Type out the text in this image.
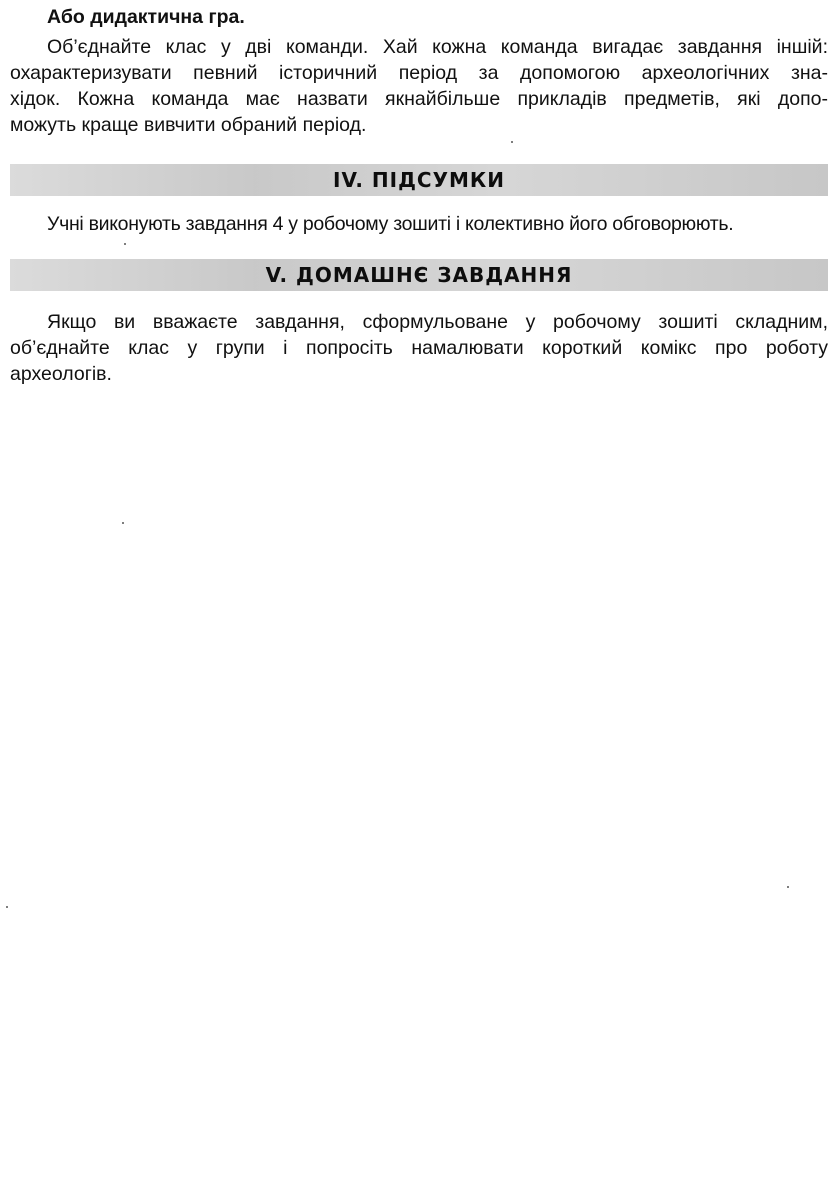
Або дидактична гра.
Об’єднайте клас у дві команди. Хай кожна команда вигадає завдання іншій:
охарактеризувати певний історичний період за допомогою археологічних зна-
хідок. Кожна команда має назвати якнайбільше прикладів предметів, які допо-
можуть краще вивчити обраний період.
IV. ПІДСУМКИ
Учні виконують завдання 4 у робочому зошиті і колективно його обговорюють.
V. ДОМАШНЄ ЗАВДАННЯ
Якщо ви вважаєте завдання, сформульоване у робочому зошиті складним,
об’єднайте клас у групи і попросіть намалювати короткий комікс про роботу
археологів.
